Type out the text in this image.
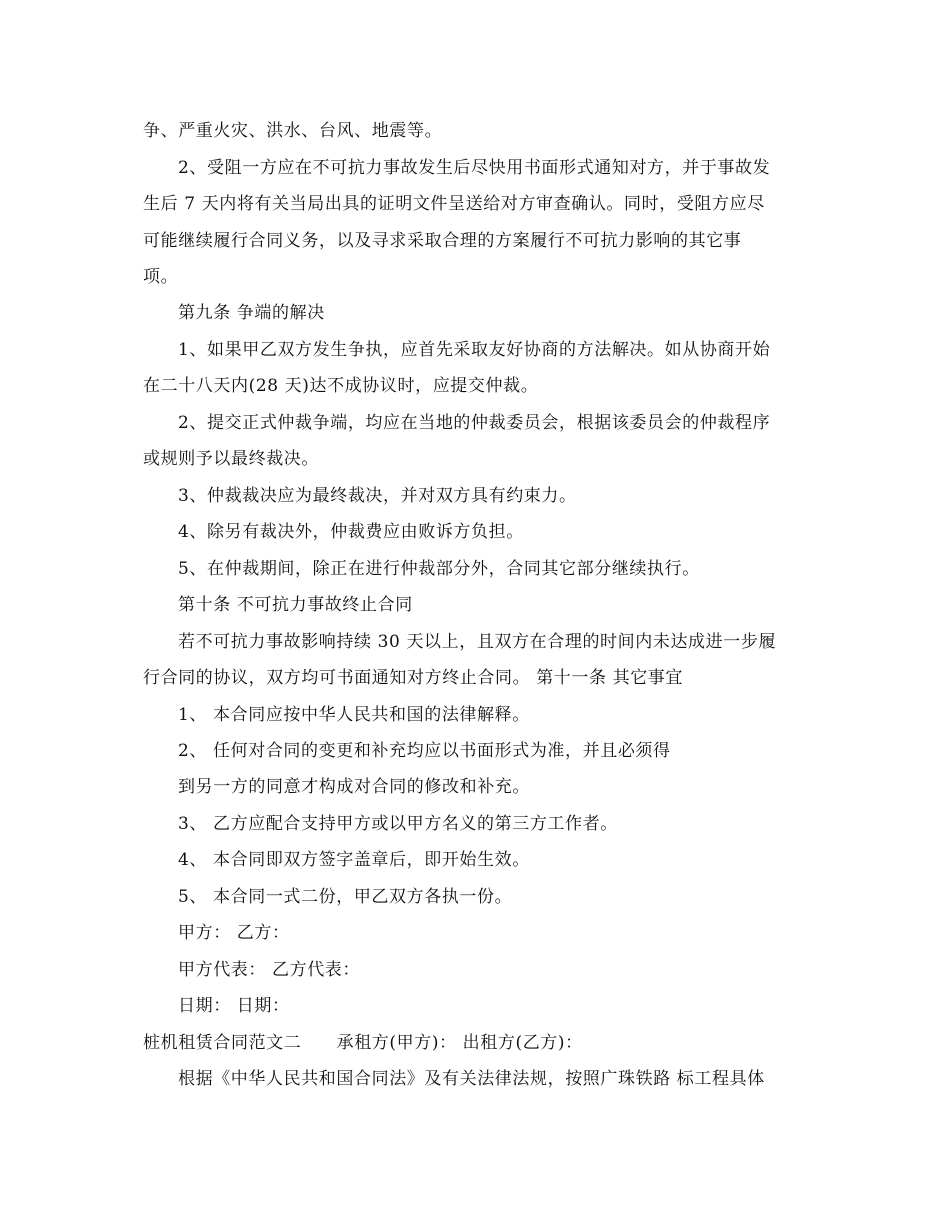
争、严重火灾、洪水、台风、地震等。
2、受阻一方应在不可抗力事故发生后尽快用书面形式通知对方，并于事故发
生后 7 天内将有关当局出具的证明文件呈送给对方审查确认。同时，受阻方应尽
可能继续履行合同义务，以及寻求采取合理的方案履行不可抗力影响的其它事
项。
第九条 争端的解决
1、如果甲乙双方发生争执，应首先采取友好协商的方法解决。如从协商开始
在二十八天内(28 天)达不成协议时，应提交仲裁。
2、提交正式仲裁争端，均应在当地的仲裁委员会，根据该委员会的仲裁程序
或规则予以最终裁决。
3、仲裁裁决应为最终裁决，并对双方具有约束力。
4、除另有裁决外，仲裁费应由败诉方负担。
5、在仲裁期间，除正在进行仲裁部分外，合同其它部分继续执行。
第十条 不可抗力事故终止合同
若不可抗力事故影响持续 30 天以上，且双方在合理的时间内未达成进一步履
行合同的协议，双方均可书面通知对方终止合同。 第十一条 其它事宜
1、 本合同应按中华人民共和国的法律解释。
2、 任何对合同的变更和补充均应以书面形式为准，并且必须得
到另一方的同意才构成对合同的修改和补充。
3、 乙方应配合支持甲方或以甲方名义的第三方工作者。
4、 本合同即双方签字盖章后，即开始生效。
5、 本合同一式二份，甲乙双方各执一份。
甲方： 乙方：
甲方代表： 乙方代表：
日期： 日期：
桩机租赁合同范文二　　承租方(甲方)： 出租方(乙方)：
根据《中华人民共和国合同法》及有关法律法规，按照广珠铁路 标工程具体
